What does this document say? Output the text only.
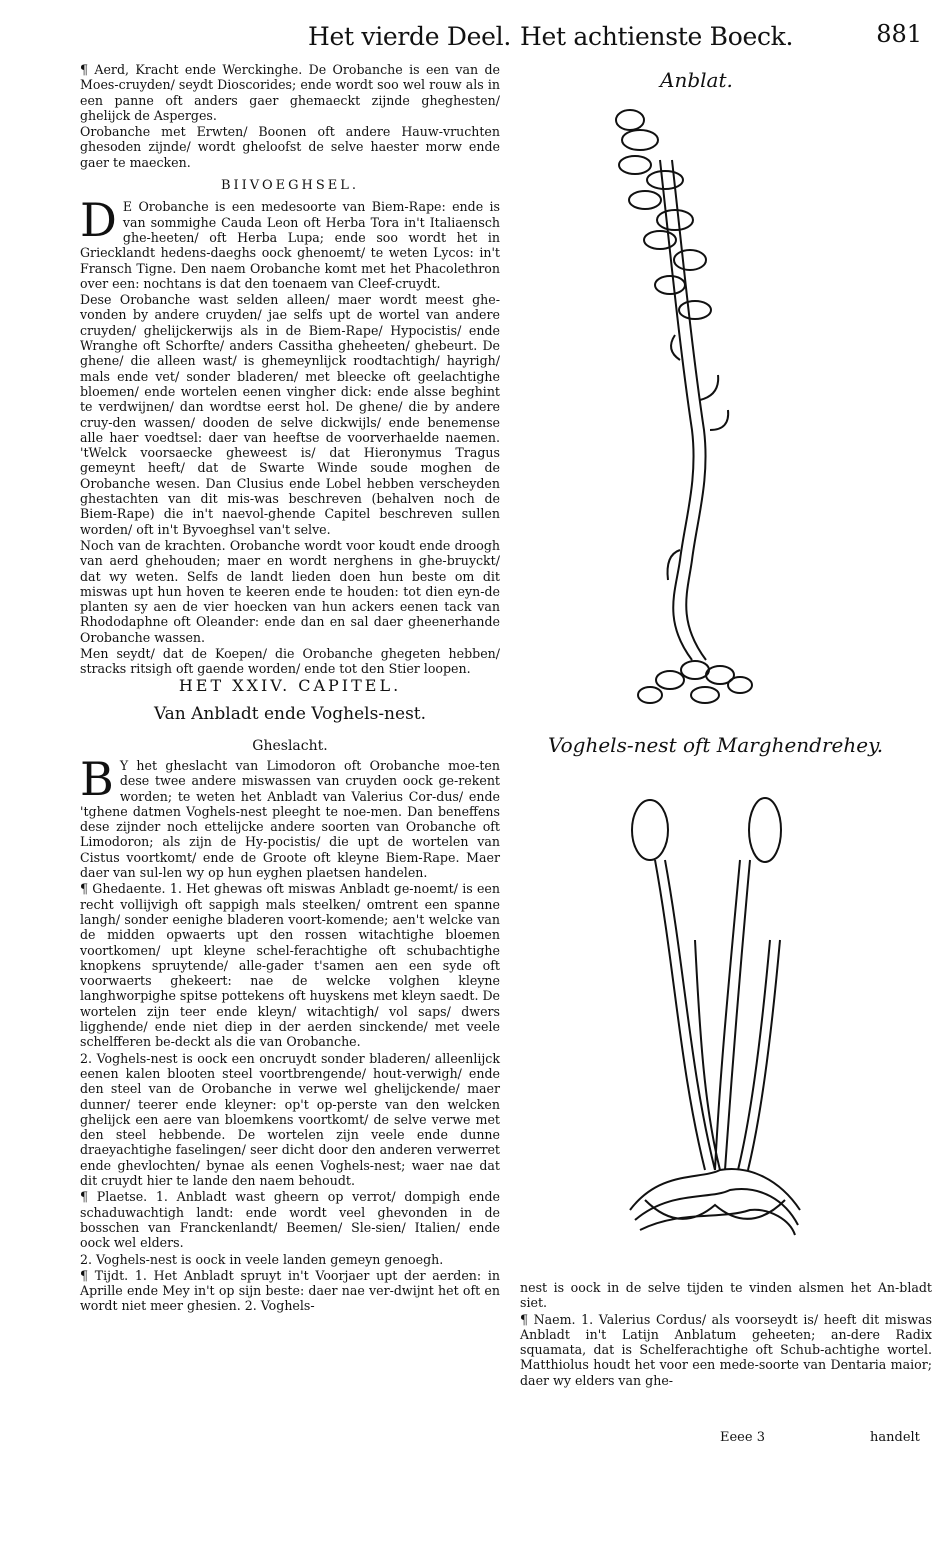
Het vierde Deel. Het achtienste Boeck.	881

¶ Aerd, Kracht ende Werckinghe. De Orobanche is een van de Moes-cruyden/ seydt Dioscorides; ende wordt soo wel rouw als in een panne oft anders gaer ghemaeckt zijnde gheghesten/ ghelijck de Asperges.

Orobanche met Erwten/ Boonen oft andere Hauw-vruchten ghesoden zijnde/ wordt gheloofst de selve haester morw ende gaer te maecken.

BIIVOEGHSEL.

D E Orobanche is een medesoorte van Biem-Rape: ende is van sommighe Cauda Leon oft Herba Tora in't Italiaensch ghe-heeten/ oft Herba Lupa; ende soo wordt het in Griecklandt hedens-daeghs oock ghenoemt/ te weten Lycos: in't Fransch Tigne. Den naem Orobanche komt met het Phacolethron over een: nochtans is dat den toenaem van Cleef-cruydt.

Dese Orobanche wast selden alleen/ maer wordt meest ghe-vonden by andere cruyden/ jae selfs upt de wortel van andere cruyden/ ghelijckerwijs als in de Biem-Rape/ Hypocistis/ ende Wranghe oft Schorfte/ anders Cassitha gheheeten/ ghebeurt. De ghene/ die alleen wast/ is ghemeynlijck roodtachtigh/ hayrigh/ mals ende vet/ sonder bladeren/ met bleecke oft geelachtighe bloemen/ ende wortelen eenen vingher dick: ende alsse beghint te verdwijnen/ dan wordtse eerst hol. De ghene/ die by andere cruy-den wassen/ dooden de selve dickwijls/ ende benemense alle haer voedtsel: daer van heeftse de voorverhaelde naemen. 'tWelck voorsaecke gheweest is/ dat Hieronymus Tragus gemeynt heeft/ dat de Swarte Winde soude moghen de Orobanche wesen. Dan Clusius ende Lobel hebben verscheyden ghestachten van dit mis-was beschreven (behalven noch de Biem-Rape) die in't naevol-ghende Capitel beschreven sullen worden/ oft in't Byvoeghsel van't selve.

Noch van de krachten. Orobanche wordt voor koudt ende droogh van aerd ghehouden; maer en wordt nerghens in ghe-bruyckt/ dat wy weten. Selfs de landt lieden doen hun beste om dit miswas upt hun hoven te keeren ende te houden: tot dien eyn-de planten sy aen de vier hoecken van hun ackers eenen tack van Rhododaphne oft Oleander: ende dan en sal daer gheenerhande Orobanche wassen.

Men seydt/ dat de Koepen/ die Orobanche ghegeten hebben/ stracks ritsigh oft gaende worden/ ende tot den Stier loopen.

HET XXIV. CAPITEL.
Van Anbladt ende Voghels-nest.
Gheslacht.

B Y het gheslacht van Limodoron oft Orobanche moe-ten dese twee andere miswassen van cruyden oock ge-rekent worden; te weten het Anbladt van Valerius Cor-dus/ ende 'tghene datmen Voghels-nest pleeght te noe-men. Dan beneffens dese zijnder noch ettelijcke andere soorten van Orobanche oft Limodoron; als zijn de Hy-pocistis/ die upt de wortelen van Cistus voortkomt/ ende de Groote oft kleyne Biem-Rape. Maer daer van sul-len wy op hun eyghen plaetsen handelen.

¶ Ghedaente. 1. Het ghewas oft miswas Anbladt ge-noemt/ is een recht vollijvigh oft sappigh mals steelken/ omtrent een spanne langh/ sonder eenighe bladeren voort-komende; aen't welcke van de midden opwaerts upt den rossen witachtighe bloemen voortkomen/ upt kleyne schel-ferachtighe oft schubachtighe knopkens spruytende/ alle-gader t'samen aen een syde oft voorwaerts ghekeert: nae de welcke volghen kleyne langhworpighe spitse pottekens oft huyskens met kleyn saedt. De wortelen zijn teer ende kleyn/ witachtigh/ vol saps/ dwers ligghende/ ende niet diep in der aerden sinckende/ met veele schelfferen be-deckt als die van Orobanche.

2. Voghels-nest is oock een oncruydt sonder bladeren/ alleenlijck eenen kalen blooten steel voortbrengende/ hout-verwigh/ ende den steel van de Orobanche in verwe wel ghelijckende/ maer dunner/ teerer ende kleyner: op't op-perste van den welcken ghelijck een aere van bloemkens voortkomt/ de selve verwe met den steel hebbende. De wortelen zijn veele ende dunne draeyachtighe faselingen/ seer dicht door den anderen verwerret ende ghevlochten/ bynae als eenen Voghels-nest; waer nae dat dit cruydt hier te lande den naem behoudt.

¶ Plaetse. 1. Anbladt wast gheern op verrot/ dompigh ende schaduwachtigh landt: ende wordt veel ghevonden in de bosschen van Franckenlandt/ Beemen/ Sle-sien/ Italien/ ende oock wel elders.

2. Voghels-nest is oock in veele landen gemeyn genoegh.

¶ Tijdt. 1. Het Anbladt spruyt in't Voorjaer upt der aerden: in Aprille ende Mey in't op sijn beste: daer nae ver-dwijnt het oft en wordt niet meer ghesien. 2. Voghels-

Anblat.
Voghels-nest oft Marghendrehey.

nest is oock in de selve tijden te vinden alsmen het An-bladt siet.

¶ Naem. 1. Valerius Cordus/ als voorseydt is/ heeft dit miswas Anbladt in't Latijn Anblatum geheeten; an-dere Radix squamata, dat is Schelferachtighe oft Schub-achtighe wortel. Matthiolus houdt het voor een mede-soorte van Dentaria maior; daer wy elders van ghe-

Eeee 3	handelt
